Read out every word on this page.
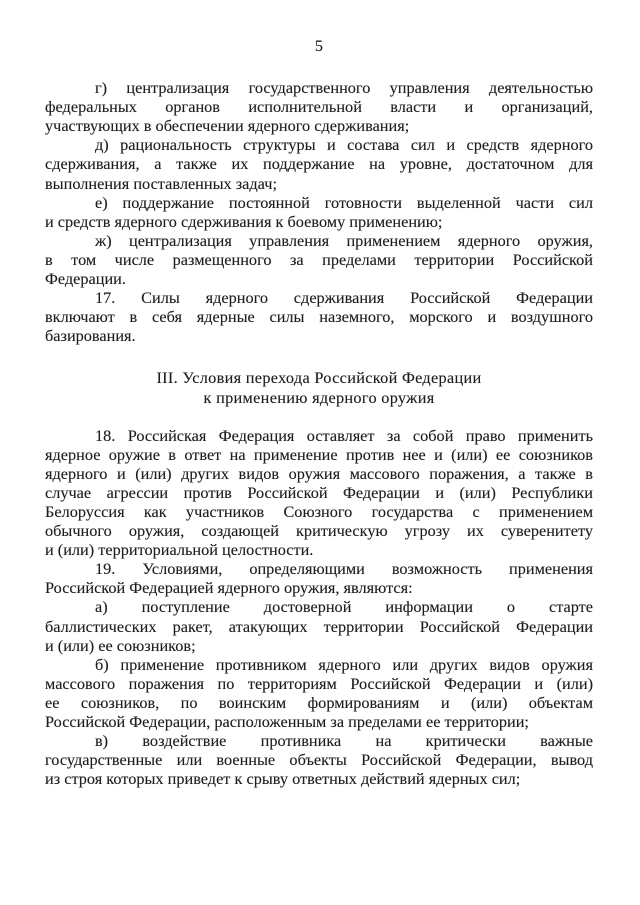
5
г) централизация государственного управления деятельностью
федеральных органов исполнительной власти и организаций,
участвующих в обеспечении ядерного сдерживания;
д) рациональность структуры и состава сил и средств ядерного
сдерживания, а также их поддержание на уровне, достаточном для
выполнения поставленных задач;
е) поддержание постоянной готовности выделенной части сил
и средств ядерного сдерживания к боевому применению;
ж) централизация управления применением ядерного оружия,
в том числе размещенного за пределами территории Российской
Федерации.
17. Силы ядерного сдерживания Российской Федерации
включают в себя ядерные силы наземного, морского и воздушного
базирования.
III. Условия перехода Российской Федерации
к применению ядерного оружия
18. Российская Федерация оставляет за собой право применить
ядерное оружие в ответ на применение против нее и (или) ее союзников
ядерного и (или) других видов оружия массового поражения, а также в
случае агрессии против Российской Федерации и (или) Республики
Белоруссия как участников Союзного государства с применением
обычного оружия, создающей критическую угрозу их суверенитету
и (или) территориальной целостности.
19. Условиями, определяющими возможность применения
Российской Федерацией ядерного оружия, являются:
а) поступление достоверной информации о старте
баллистических ракет, атакующих территории Российской Федерации
и (или) ее союзников;
б) применение противником ядерного или других видов оружия
массового поражения по территориям Российской Федерации и (или)
ее союзников, по воинским формированиям и (или) объектам
Российской Федерации, расположенным за пределами ее территории;
в) воздействие противника на критически важные
государственные или военные объекты Российской Федерации, вывод
из строя которых приведет к срыву ответных действий ядерных сил;
